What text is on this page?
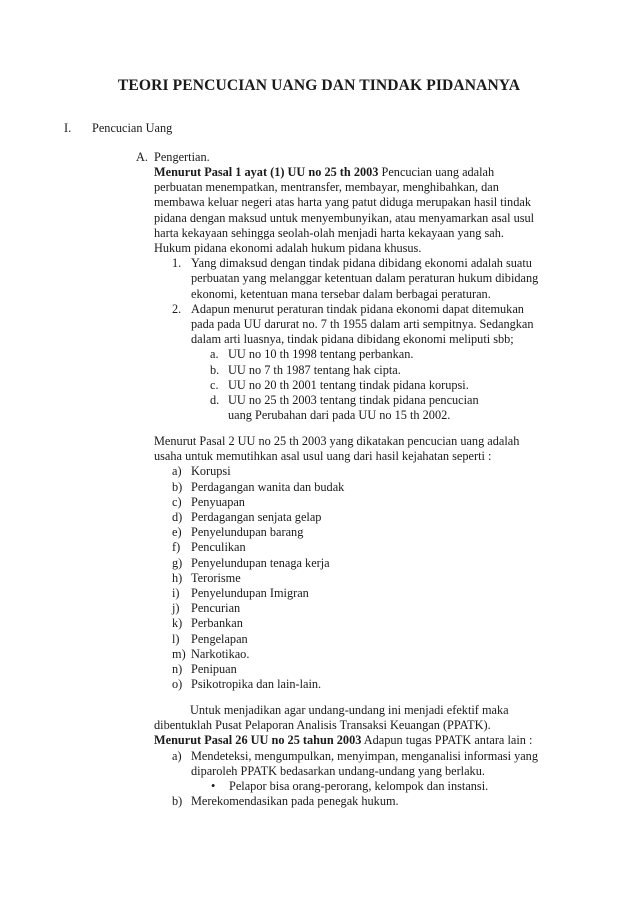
TEORI PENCUCIAN UANG DAN TINDAK PIDANANYA
I. Pencucian Uang
A. Pengertian.

Menurut Pasal 1 ayat (1) UU no 25 th 2003 Pencucian uang adalah

perbuatan menempatkan, mentransfer, membayar, menghibahkan, dan

membawa keluar negeri atas harta yang patut diduga merupakan hasil tindak

pidana dengan maksud untuk menyembunyikan, atau menyamarkan asal usul

harta kekayaan sehingga seolah-olah menjadi harta kekayaan yang sah.

Hukum pidana ekonomi adalah hukum pidana khusus.

1. Yang dimaksud dengan tindak pidana dibidang ekonomi adalah suatu

perbuatan yang melanggar ketentuan dalam peraturan hukum dibidang

ekonomi, ketentuan mana tersebar dalam berbagai peraturan.

2. Adapun menurut peraturan tindak pidana ekonomi dapat ditemukan

pada pada UU darurat no. 7 th 1955 dalam arti sempitnya. Sedangkan

dalam arti luasnya, tindak pidana dibidang ekonomi meliputi sbb;

a. UU no 10 th 1998 tentang perbankan.

b. UU no 7 th 1987 tentang hak cipta.

c. UU no 20 th 2001 tentang tindak pidana korupsi.

d. UU no 25 th 2003 tentang tindak pidana pencucian

uang Perubahan dari pada UU no 15 th 2002.

Menurut Pasal 2 UU no 25 th 2003 yang dikatakan pencucian uang adalah

usaha untuk memutihkan asal usul uang dari hasil kejahatan seperti :

a) Korupsi

b) Perdagangan wanita dan budak

c) Penyuapan

d) Perdagangan senjata gelap

e) Penyelundupan barang

f) Penculikan

g) Penyelundupan tenaga kerja

h) Terorisme

i) Penyelundupan Imigran

j) Pencurian

k) Perbankan

l) Pengelapan

m) Narkotikao.

n) Penipuan

o) Psikotropika dan lain-lain.

Untuk menjadikan agar undang-undang ini menjadi efektif maka

dibentuklah Pusat Pelaporan Analisis Transaksi Keuangan (PPATK).

Menurut Pasal 26 UU no 25 tahun 2003 Adapun tugas PPATK antara lain :

a) Mendeteksi, mengumpulkan, menyimpan, menganalisi informasi yang

diparoleh PPATK bedasarkan undang-undang yang berlaku.

• Pelapor bisa orang-perorang, kelompok dan instansi.

b) Merekomendasikan pada penegak hukum.
